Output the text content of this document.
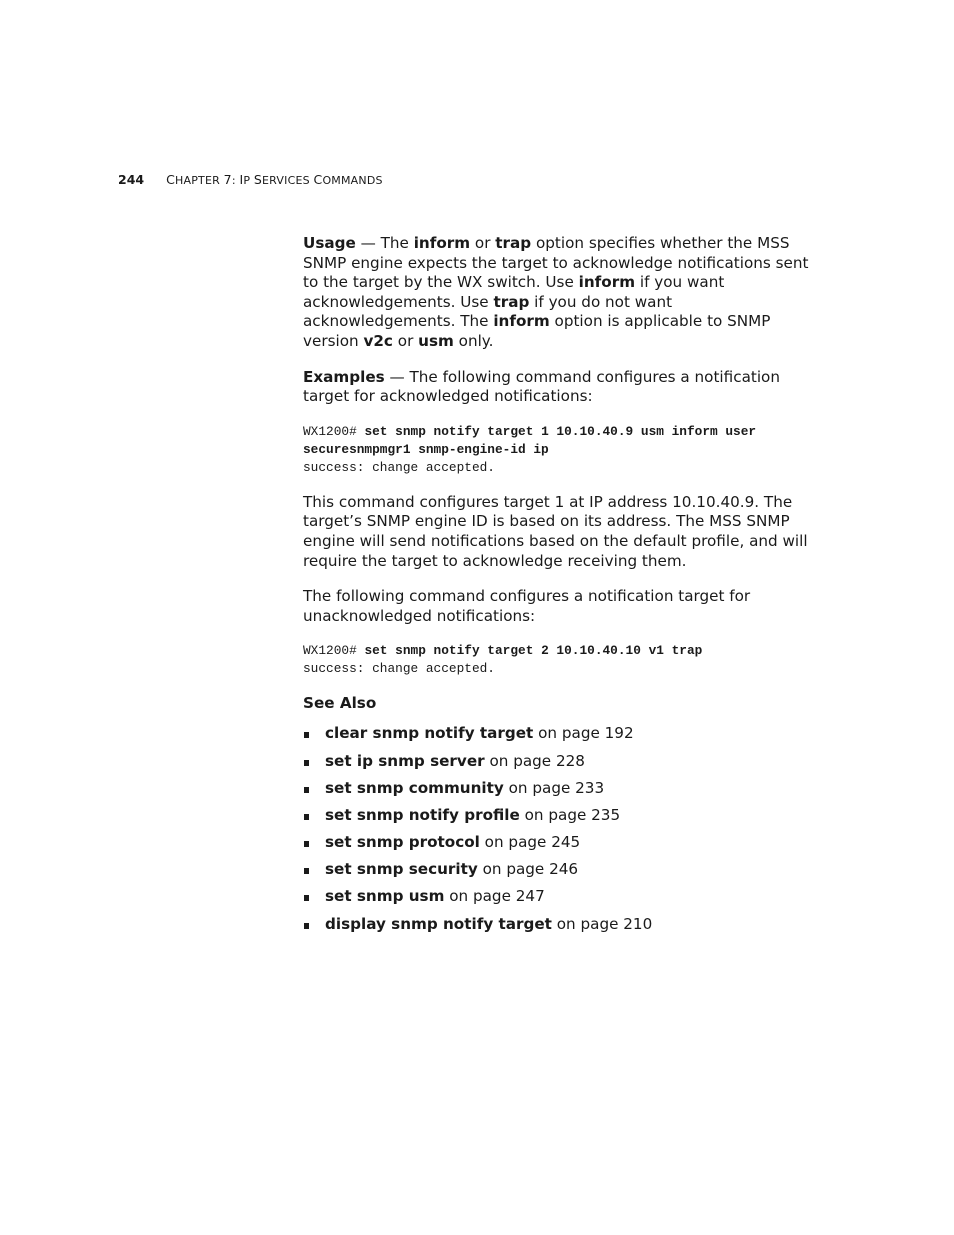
244 CHAPTER 7: IP SERVICES COMMANDS

Usage — The inform or trap option specifies whether the MSS SNMP engine expects the target to acknowledge notifications sent to the target by the WX switch. Use inform if you want acknowledgements. Use trap if you do not want acknowledgements. The inform option is applicable to SNMP version v2c or usm only.

Examples — The following command configures a notification target for acknowledged notifications:

WX1200# set snmp notify target 1 10.10.40.9 usm inform user
securesnmpmgr1 snmp-engine-id ip
success: change accepted.

This command configures target 1 at IP address 10.10.40.9. The target’s SNMP engine ID is based on its address. The MSS SNMP engine will send notifications based on the default profile, and will require the target to acknowledge receiving them.

The following command configures a notification target for unacknowledged notifications:

WX1200# set snmp notify target 2 10.10.40.10 v1 trap
success: change accepted.
See Also
clear snmp notify target on page 192
set ip snmp server on page 228
set snmp community on page 233
set snmp notify profile on page 235
set snmp protocol on page 245
set snmp security on page 246
set snmp usm on page 247
display snmp notify target on page 210
